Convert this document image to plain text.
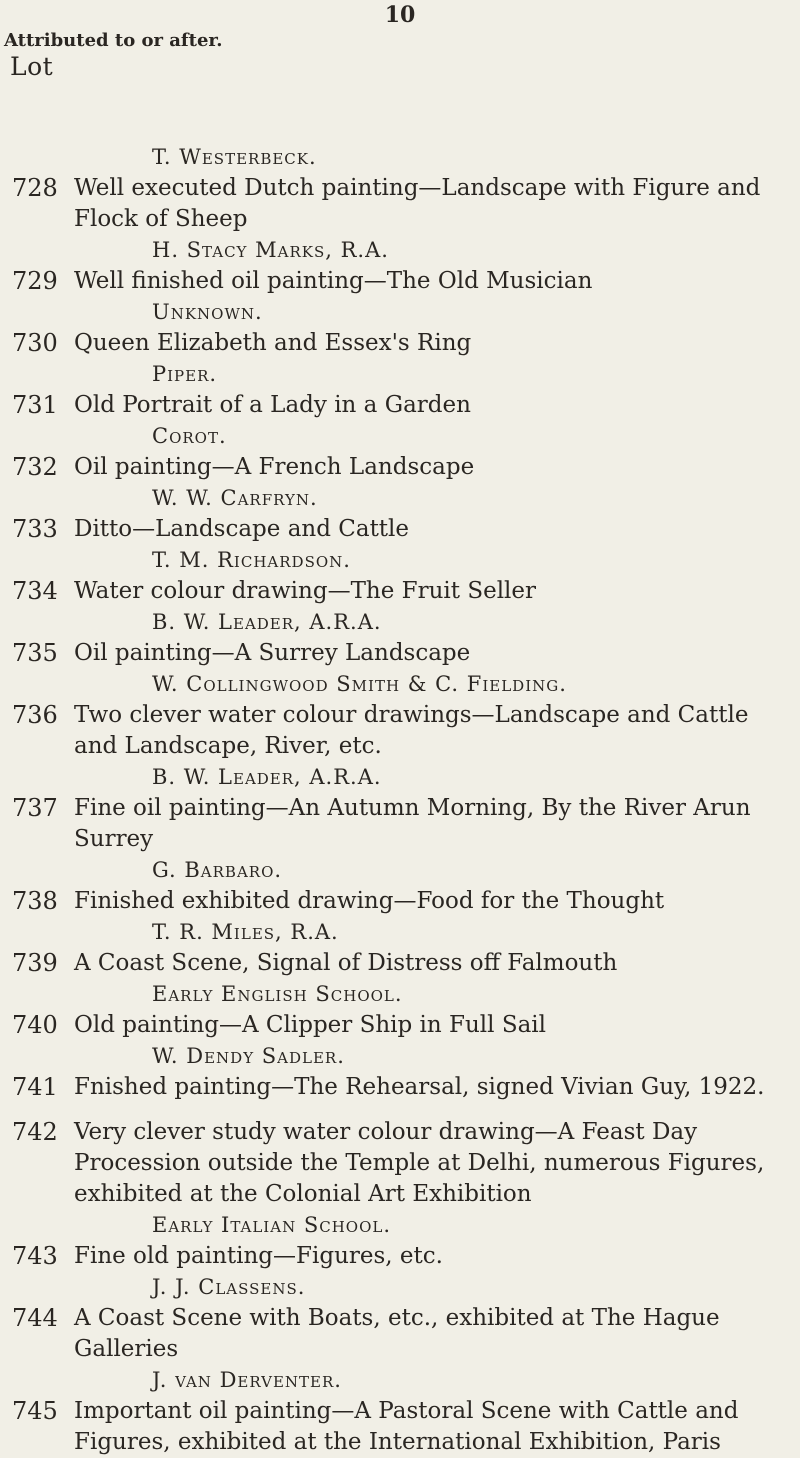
10
Attributed to or after.
Lot
T. Westerbeck.
728 Well executed Dutch painting—Landscape with Figure and Flock of Sheep
H. Stacy Marks, R.A.
729 Well finished oil painting—The Old Musician
Unknown.
730 Queen Elizabeth and Essex's Ring
Piper.
731 Old Portrait of a Lady in a Garden
Corot.
732 Oil painting—A French Landscape
W. W. Carfryn.
733 Ditto—Landscape and Cattle
T. M. Richardson.
734 Water colour drawing—The Fruit Seller
B. W. Leader, A.R.A.
735 Oil painting—A Surrey Landscape
W. Collingwood Smith & C. Fielding.
736 Two clever water colour drawings—Landscape and Cattle and Landscape, River, etc.
B. W. Leader, A.R.A.
737 Fine oil painting—An Autumn Morning, By the River Arun Surrey
G. Barbaro.
738 Finished exhibited drawing—Food for the Thought
T. R. Miles, R.A.
739 A Coast Scene, Signal of Distress off Falmouth
Early English School.
740 Old painting—A Clipper Ship in Full Sail
W. Dendy Sadler.
741 Fnished painting—The Rehearsal, signed Vivian Guy, 1922.
742 Very clever study water colour drawing—A Feast Day Procession outside the Temple at Delhi, numerous Figures, exhibited at the Colonial Art Exhibition
Early Italian School.
743 Fine old painting—Figures, etc.
J. J. Classens.
744 A Coast Scene with Boats, etc., exhibited at The Hague Galleries
J. van Derventer.
745 Important oil painting—A Pastoral Scene with Cattle and Figures, exhibited at the International Exhibition, Paris
